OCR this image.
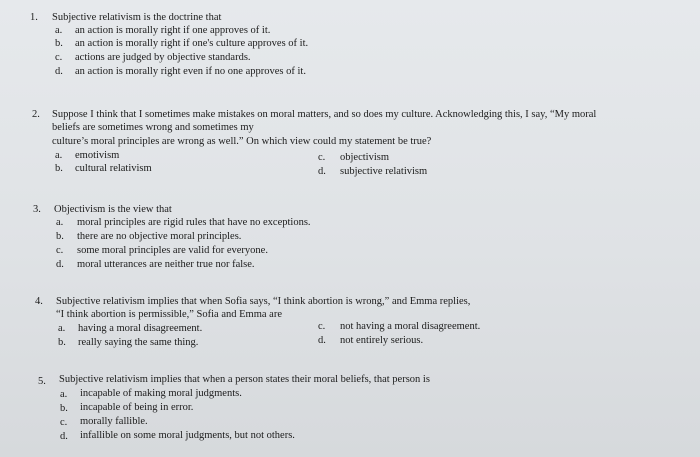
1. Subjective relativism is the doctrine that
a. an action is morally right if one approves of it.
b. an action is morally right if one's culture approves of it.
c. actions are judged by objective standards.
d. an action is morally right even if no one approves of it.
2. Suppose I think that I sometimes make mistakes on moral matters, and so does my culture. Acknowledging this, I say, “My moral
beliefs are sometimes wrong and sometimes my
culture’s moral principles are wrong as well.” On which view could my statement be true?
a. emotivism	c. objectivism
b. cultural relativism	d. subjective relativism
3. Objectivism is the view that
a. moral principles are rigid rules that have no exceptions.
b. there are no objective moral principles.
c. some moral principles are valid for everyone.
d. moral utterances are neither true nor false.
4. Subjective relativism implies that when Sofia says, “I think abortion is wrong,” and Emma replies,
“I think abortion is permissible,” Sofia and Emma are
a. having a moral disagreement.	c. not having a moral disagreement.
b. really saying the same thing.	d. not entirely serious.
5. Subjective relativism implies that when a person states their moral beliefs, that person is
a. incapable of making moral judgments.
b. incapable of being in error.
c. morally fallible.
d. infallible on some moral judgments, but not others.
